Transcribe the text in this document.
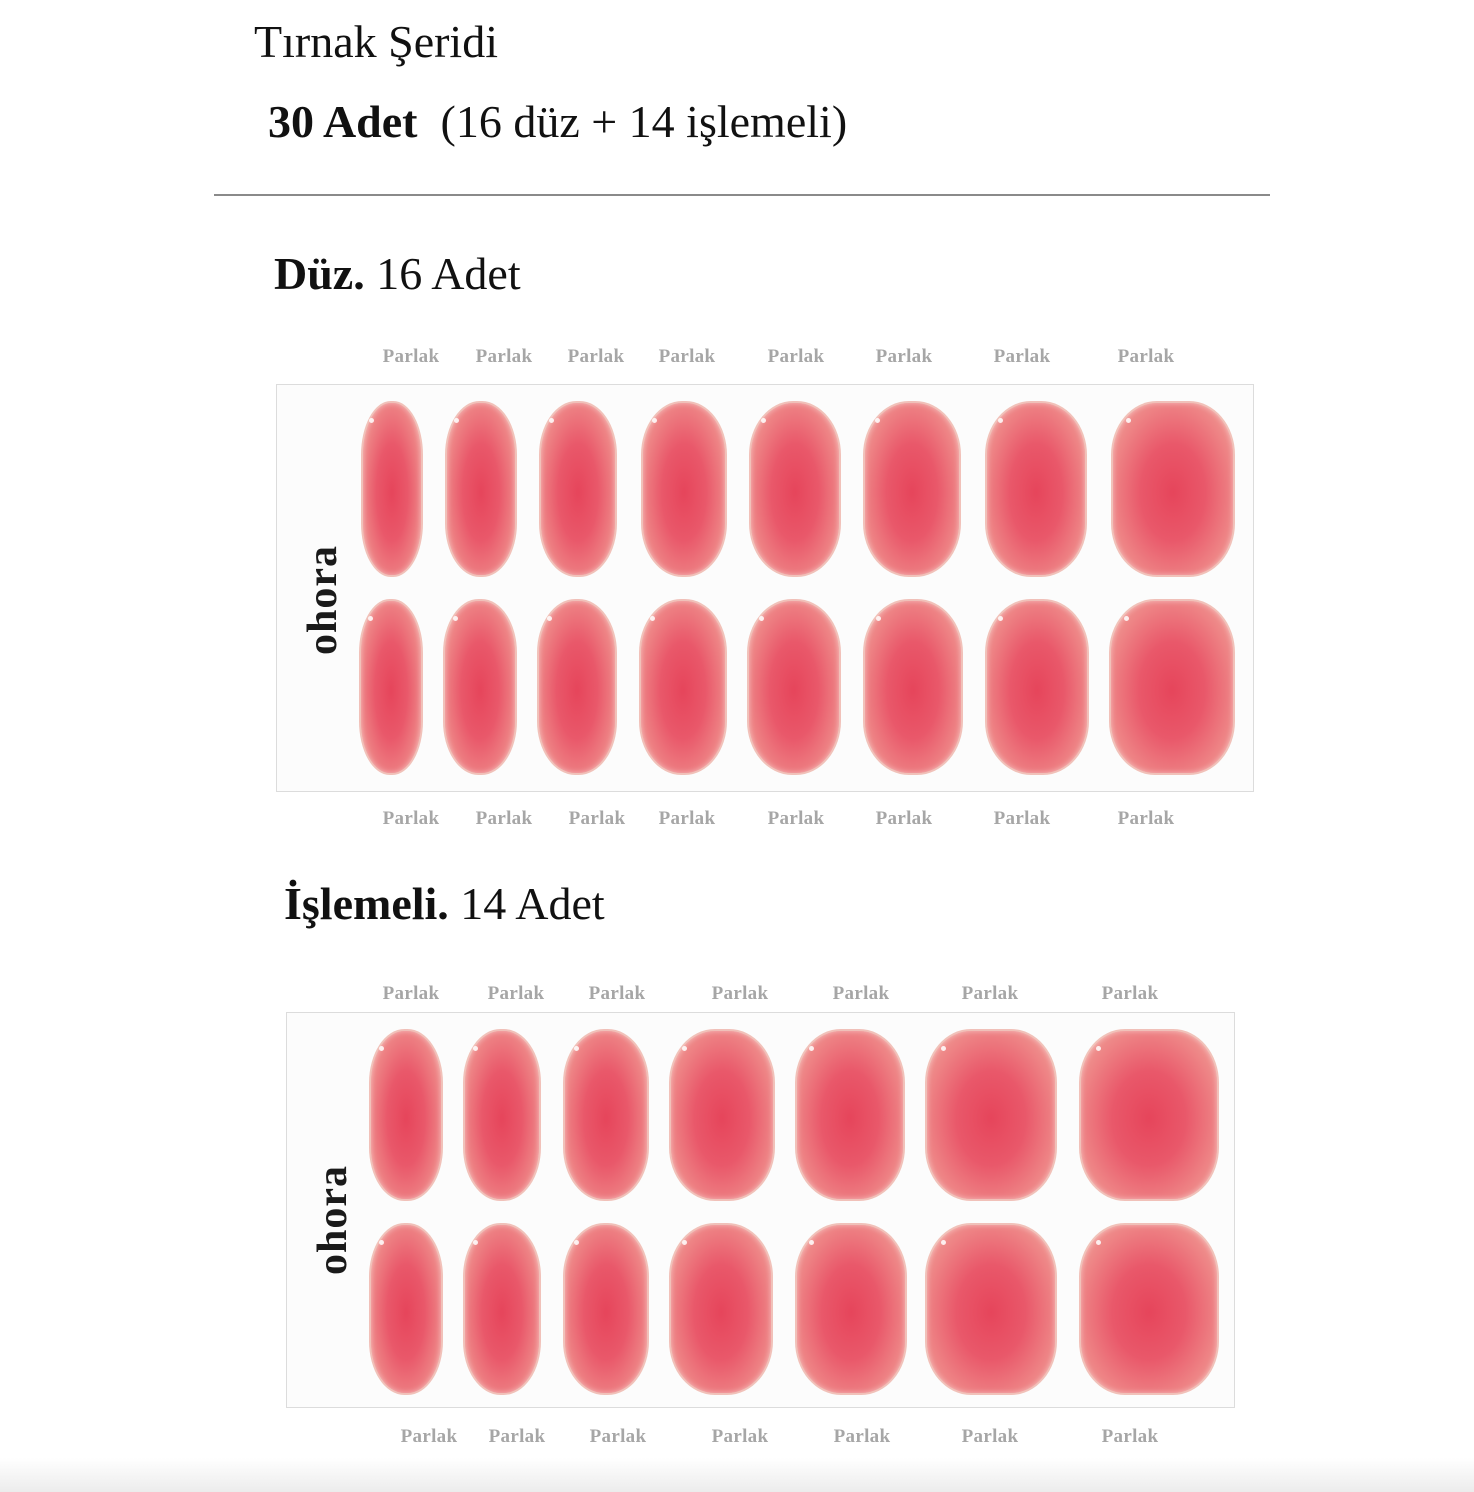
Tırnak Şeridi
30 Adet (16 düz + 14 işlemeli)
Düz. 16 Adet
Parlak Parlak Parlak Parlak	Parlak	Parlak	Parlak	Parlak
ohora
Parlak Parlak Parlak Parlak	Parlak	Parlak	Parlak	Parlak
İşlemeli. 14 Adet
Parlak	Parlak Parlak	Parlak	Parlak	Parlak	Parlak
ohora
Parlak Parlak Parlak	Parlak	Parlak	Parlak	Parlak
